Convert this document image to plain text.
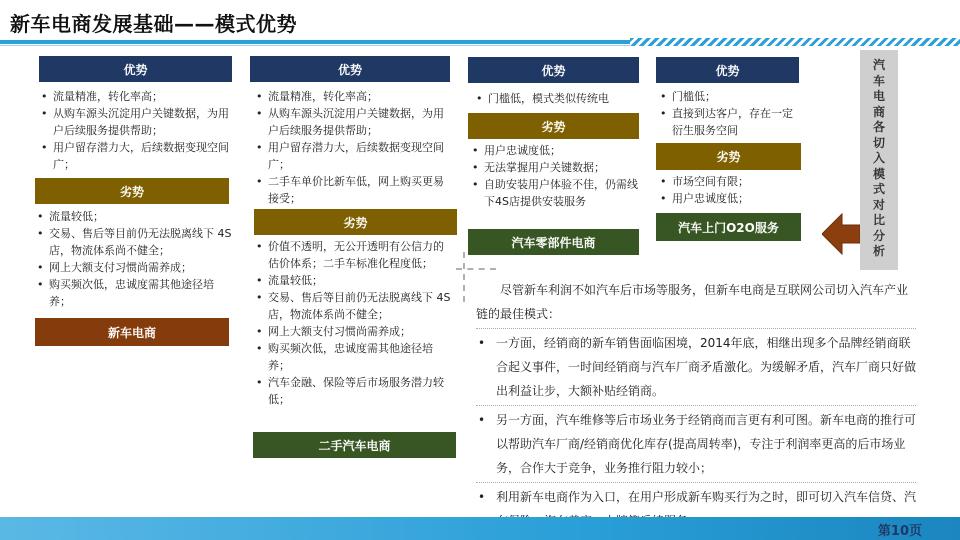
新车电商发展基础——模式优势
优势
• 流量精准，转化率高；
• 从购车源头沉淀用户关键数据，为用户后续服务提供帮助；
• 用户留存潜力大，后续数据变现空间广；
劣势
• 流量较低；
• 交易、售后等目前仍无法脱离线下 4S 店，物流体系尚不健全；
• 网上大额支付习惯尚需养成；
• 购买频次低，忠诚度需其他途径培养；
新车电商
优势
• 流量精准，转化率高；
• 从购车源头沉淀用户关键数据，为用户后续服务提供帮助；
• 用户留存潜力大，后续数据变现空间广；
• 二手车单价比新车低，网上购买更易接受；
劣势
• 价值不透明，无公开透明有公信力的估价体系；二手车标准化程度低；
• 流量较低；
• 交易、售后等目前仍无法脱离线下 4S 店，物流体系尚不健全；
• 网上大额支付习惯尚需养成；
• 购买频次低，忠诚度需其他途径培养；
• 汽车金融、保险等后市场服务潜力较低；
二手汽车电商
优势
• 门槛低，模式类似传统电
劣势
• 用户忠诚度低；
• 无法掌握用户关键数据；
• 自助安装用户体验不佳，仍需线下4S店提供安装服务
汽车零部件电商
优势
• 门槛低；
• 直接到达客户，存在一定衍生服务空间
劣势
• 市场空间有限；
• 用户忠诚度低；
汽车上门O2O服务
汽
车
电
商
各
切
入
模
式
对
比
分
析

尽管新车利润不如汽车后市场等服务，但新车电商是互联网公司切入汽车产业链的最佳模式：

• 一方面，经销商的新车销售面临困境，2014年底，相继出现多个品牌经销商联合起义事件，一时间经销商与汽车厂商矛盾激化。为缓解矛盾，汽车厂商只好做出利益让步，大额补贴经销商。
• 另一方面，汽车维修等后市场业务于经销商而言更有利可图。新车电商的推行可以帮助汽车厂商/经销商优化库存(提高周转率)，专注于利润率更高的后市场业务，合作大于竞争，业务推行阻力较小；
• 利用新车电商作为入口，在用户形成新车购买行为之时，即可切入汽车信贷、汽
第10页
